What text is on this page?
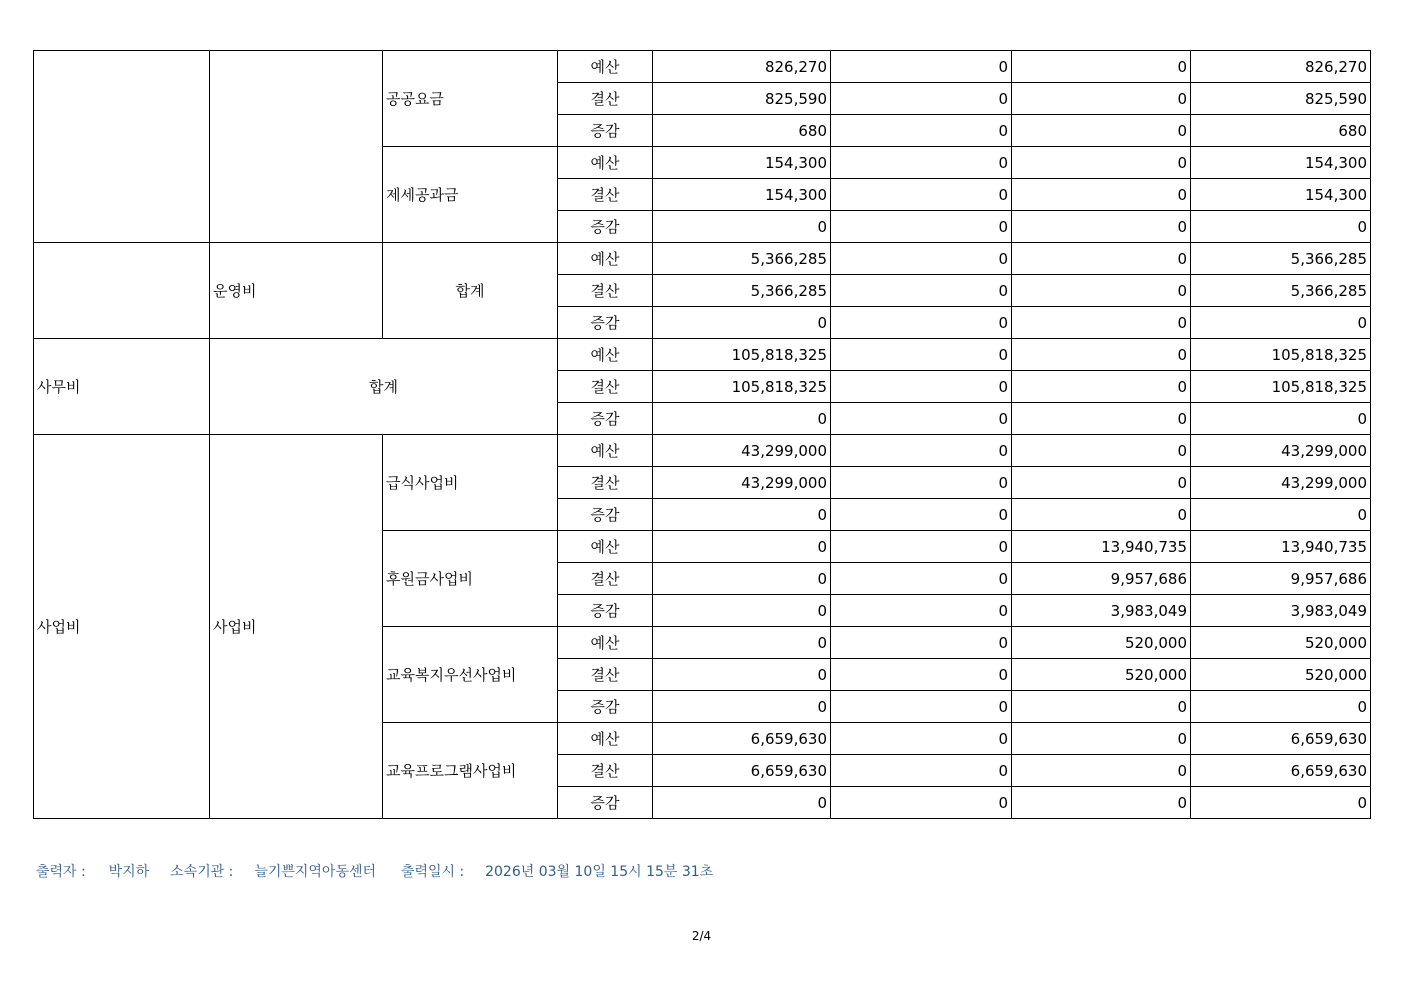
		공공요금	예산	826,270	0	0	826,270
			결산	825,590	0	0	825,590
			증감	680	0	0	680
		제세공과금	예산	154,300	0	0	154,300
			결산	154,300	0	0	154,300
			증감	0	0	0	0
	운영비	합계	예산	5,366,285	0	0	5,366,285
			결산	5,366,285	0	0	5,366,285
			증감	0	0	0	0
사무비	합계		예산	105,818,325	0	0	105,818,325
			결산	105,818,325	0	0	105,818,325
			증감	0	0	0	0
사업비	사업비	급식사업비	예산	43,299,000	0	0	43,299,000
			결산	43,299,000	0	0	43,299,000
			증감	0	0	0	0
		후원금사업비	예산	0	0	13,940,735	13,940,735
			결산	0	0	9,957,686	9,957,686
			증감	0	0	3,983,049	3,983,049
		교육복지우선사업비	예산	0	0	520,000	520,000
			결산	0	0	520,000	520,000
			증감	0	0	0	0
		교육프로그램사업비	예산	6,659,630	0	0	6,659,630
			결산	6,659,630	0	0	6,659,630
			증감	0	0	0	0
출력자 : 박지하 소속기관 : 늘기쁜지역아동센터 출력일시 : 2026년 03월 10일 15시 15분 31초
2/4
